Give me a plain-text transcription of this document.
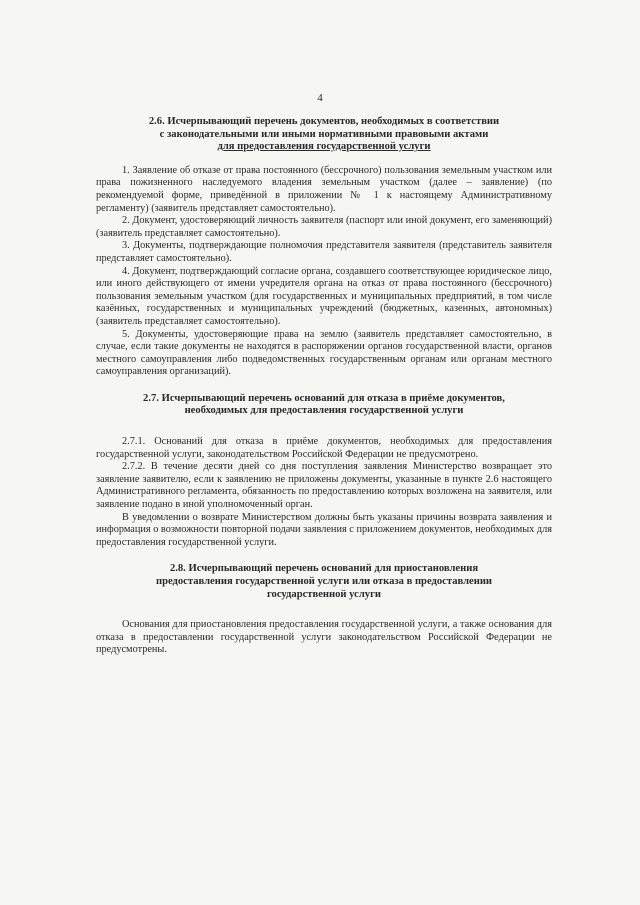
4
2.6. Исчерпывающий перечень документов, необходимых в соответствии
с законодательными или иными нормативными правовыми актами
для предоставления государственной услуги

1. Заявление об отказе от права постоянного (бессрочного) пользования земельным участком или права пожизненного наследуемого владения земельным участком (далее – заявление) (по рекомендуемой форме, приведённой в приложении № 1 к настоящему Административному регламенту) (заявитель представляет самостоятельно).

2. Документ, удостоверяющий личность заявителя (паспорт или иной документ, его заменяющий) (заявитель представляет самостоятельно).

3. Документы, подтверждающие полномочия представителя заявителя (представитель заявителя представляет самостоятельно).

4. Документ, подтверждающий согласие органа, создавшего соответствующее юридическое лицо, или иного действующего от имени учредителя органа на отказ от права постоянного (бессрочного) пользования земельным участком (для государственных и муниципальных предприятий, в том числе казённых, государственных и муниципальных учреждений (бюджетных, казенных, автономных) (заявитель представляет самостоятельно).

5. Документы, удостоверяющие права на землю (заявитель представляет самостоятельно, в случае, если такие документы не находятся в распоряжении органов государственной власти, органов местного самоуправления либо подведомственных государственным органам или органам местного самоуправления организаций).

2.7. Исчерпывающий перечень оснований для отказа в приёме документов,
необходимых для предоставления государственной услуги

2.7.1. Оснований для отказа в приёме документов, необходимых для предоставления государственной услуги, законодательством Российской Федерации не предусмотрено.

2.7.2. В течение десяти дней со дня поступления заявления Министерство возвращает это заявление заявителю, если к заявлению не приложены документы, указанные в пункте 2.6 настоящего Административного регламента, обязанность по предоставлению которых возложена на заявителя, или заявление подано в иной уполномоченный орган.

В уведомлении о возврате Министерством должны быть указаны причины возврата заявления и информация о возможности повторной подачи заявления с приложением документов, необходимых для предоставления государственной услуги.

2.8. Исчерпывающий перечень оснований для приостановления
предоставления государственной услуги или отказа в предоставлении
государственной услуги

Основания для приостановления предоставления государственной услуги, а также основания для отказа в предоставлении государственной услуги законодательством Российской Федерации не предусмотрены.
